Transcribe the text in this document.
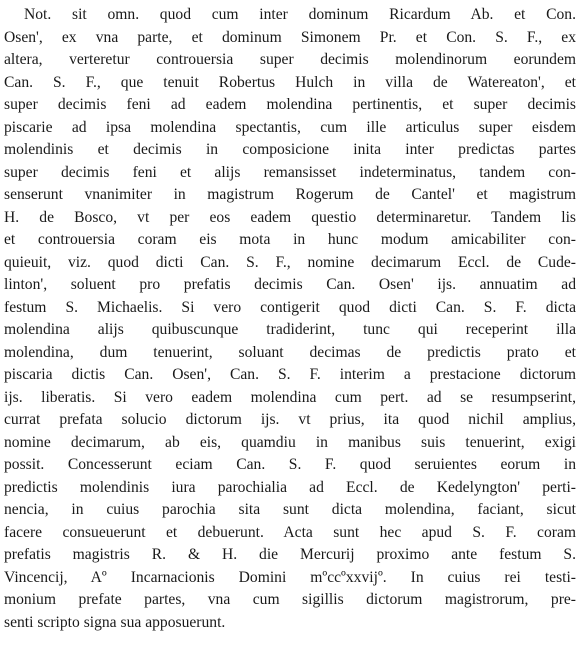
Not. sit omn. quod cum inter dominum Ricardum Ab. et Con.
Osen', ex vna parte, et dominum Simonem Pr. et Con. S. F., ex
altera, verteretur controuersia super decimis molendinorum eorundem
Can. S. F., que tenuit Robertus Hulch in villa de Watereaton', et
super decimis feni ad eadem molendina pertinentis, et super decimis
piscarie ad ipsa molendina spectantis, cum ille articulus super eisdem
molendinis et decimis in composicione inita inter predictas partes
super decimis feni et alijs remansisset indeterminatus, tandem con-
senserunt vnanimiter in magistrum Rogerum de Cantel' et magistrum
H. de Bosco, vt per eos eadem questio determinaretur. Tandem lis
et controuersia coram eis mota in hunc modum amicabiliter con-
quieuit, viz. quod dicti Can. S. F., nomine decimarum Eccl. de Cude-
linton', soluent pro prefatis decimis Can. Osen' ijs. annuatim ad
festum S. Michaelis. Si vero contigerit quod dicti Can. S. F. dicta
molendina alijs quibuscunque tradiderint, tunc qui receperint illa
molendina, dum tenuerint, soluant decimas de predictis prato et
piscaria dictis Can. Osen', Can. S. F. interim a prestacione dictorum
ijs. liberatis. Si vero eadem molendina cum pert. ad se resumpserint,
currat prefata solucio dictorum ijs. vt prius, ita quod nichil amplius,
nomine decimarum, ab eis, quamdiu in manibus suis tenuerint, exigi
possit. Concesserunt eciam Can. S. F. quod seruientes eorum in
predictis molendinis iura parochialia ad Eccl. de Kedelyngton' perti-
nencia, in cuius parochia sita sunt dicta molendina, faciant, sicut
facere consueuerunt et debuerunt. Acta sunt hec apud S. F. coram
prefatis magistris R. & H. die Mercurij proximo ante festum S.
Vincencij, Aº Incarnacionis Domini mºccºxxvijº. In cuius rei testi-
monium prefate partes, vna cum sigillis dictorum magistrorum, pre-
senti scripto signa sua apposuerunt.
